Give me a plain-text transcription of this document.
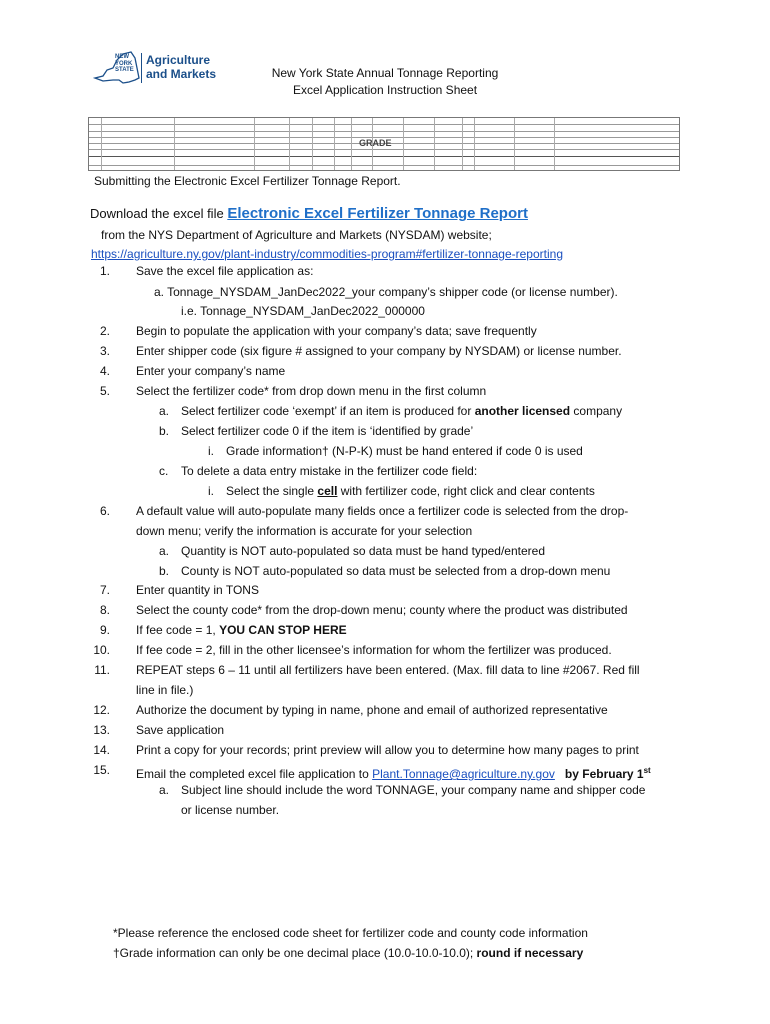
NEW YORK STATE
Agriculture
and Markets	New York State Annual Tonnage Reporting
Excel Application Instruction Sheet
GRADE
Submitting the Electronic Excel Fertilizer Tonnage Report.
Download the excel file Electronic Excel Fertilizer Tonnage Report
from the NYS Department of Agriculture and Markets (NYSDAM) website;
https://agriculture.ny.gov/plant-industry/commodities-program#fertilizer-tonnage-reporting
1. Save the excel file application as:
a. Tonnage_NYSDAM_JanDec2022_your company’s shipper code (or license number).
i.e. Tonnage_NYSDAM_JanDec2022_000000
2. Begin to populate the application with your company’s data; save frequently
3. Enter shipper code (six figure # assigned to your company by NYSDAM) or license number.
4. Enter your company’s name
5. Select the fertilizer code* from drop down menu in the first column
a. Select fertilizer code ‘exempt’ if an item is produced for another licensed company
b. Select fertilizer code 0 if the item is ‘identified by grade’
i. Grade information† (N-P-K) must be hand entered if code 0 is used
c. To delete a data entry mistake in the fertilizer code field:
i. Select the single cell with fertilizer code, right click and clear contents
6. A default value will auto-populate many fields once a fertilizer code is selected from the drop-
down menu; verify the information is accurate for your selection
a. Quantity is NOT auto-populated so data must be hand typed/entered
b. County is NOT auto-populated so data must be selected from a drop-down menu
7. Enter quantity in TONS
8. Select the county code* from the drop-down menu; county where the product was distributed
9. If fee code = 1, YOU CAN STOP HERE
10. If fee code = 2, fill in the other licensee’s information for whom the fertilizer was produced.
11. REPEAT steps 6 – 11 until all fertilizers have been entered. (Max. fill data to line #2067. Red fill
line in file.)
12. Authorize the document by typing in name, phone and email of authorized representative
13. Save application
14. Print a copy for your records; print preview will allow you to determine how many pages to print
15. Email the completed excel file application to Plant.Tonnage@agriculture.ny.gov by February 1st
a. Subject line should include the word TONNAGE, your company name and shipper code
or license number.
*Please reference the enclosed code sheet for fertilizer code and county code information
†Grade information can only be one decimal place (10.0-10.0-10.0); round if necessary
